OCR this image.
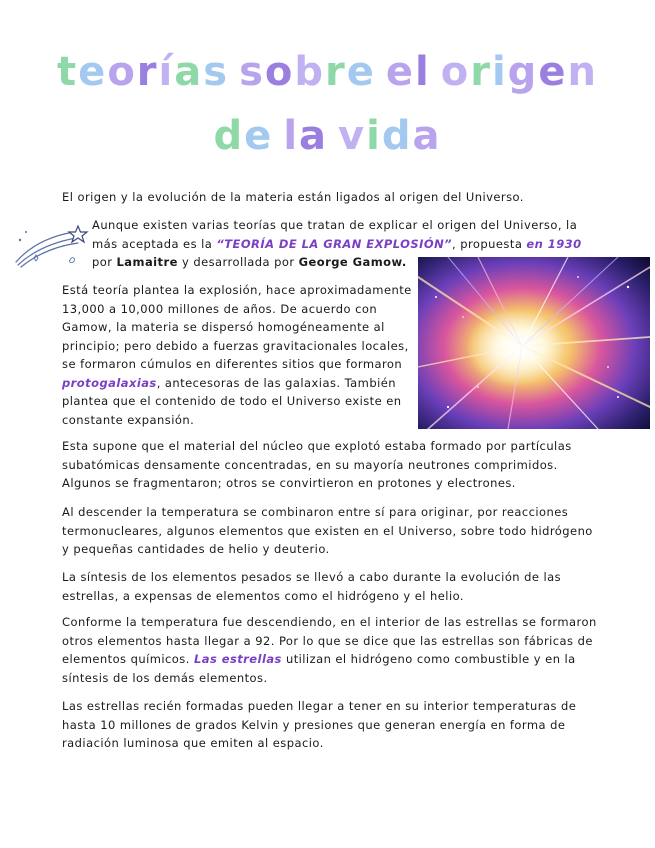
teorías sobre el origen
de la vida

El origen y la evolución de la materia están ligados al origen del Universo.

Aunque existen varias teorías que tratan de explicar el origen del Universo, la más aceptada es la “TEORÍA DE LA GRAN EXPLOSIÓN”, propuesta en 1930 por Lamaitre y desarrollada por George Gamow.

Está teoría plantea la explosión, hace aproximadamente 13,000 a 10,000 millones de años. De acuerdo con Gamow, la materia se dispersó homogéneamente al principio; pero debido a fuerzas gravitacionales locales, se formaron cúmulos en diferentes sitios que formaron protogalaxias, antecesoras de las galaxias. También plantea que el contenido de todo el Universo existe en constante expansión.

Esta supone que el material del núcleo que explotó estaba formado por partículas subatómicas densamente concentradas, en su mayoría neutrones comprimidos. Algunos se fragmentaron; otros se convirtieron en protones y electrones.

Al descender la temperatura se combinaron entre sí para originar, por reacciones termonucleares, algunos elementos que existen en el Universo, sobre todo hidrógeno y pequeñas cantidades de helio y deuterio.

La síntesis de los elementos pesados se llevó a cabo durante la evolución de las estrellas, a expensas de elementos como el hidrógeno y el helio.

Conforme la temperatura fue descendiendo, en el interior de las estrellas se formaron otros elementos hasta llegar a 92. Por lo que se dice que las estrellas son fábricas de elementos químicos. Las estrellas utilizan el hidrógeno como combustible y en la síntesis de los demás elementos.

Las estrellas recién formadas pueden llegar a tener en su interior temperaturas de hasta 10 millones de grados Kelvin y presiones que generan energía en forma de radiación luminosa que emiten al espacio.
